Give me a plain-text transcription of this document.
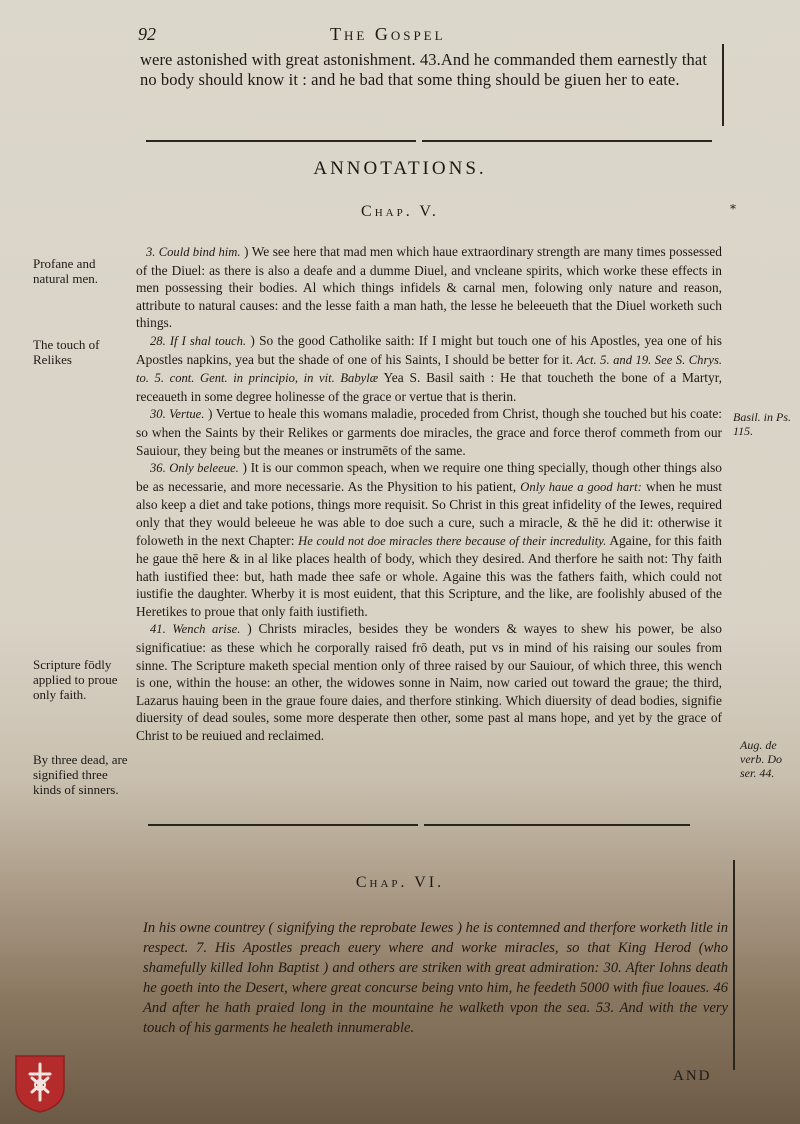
92	The Gospel
were astonished with great astonishment. 43.And he commanded them earnestly that no body should know it : and he bad that some thing should be giuen her to eate.
ANNOTATIONS.
Chap. V.	⁎
Profane and natural men.
The touch of Relikes
Scripture fōdly applied to proue only faith.
By three dead, are signified three kinds of sinners.
Basil. in Ps. 115.
Aug. de verb. Do ser. 44.

3. Could bind him. ) We see here that mad men which haue extraordinary strength are many times possessed of the Diuel: as there is also a deafe and a dumme Diuel, and vncleane spirits, which worke these effects in men possessing their bodies. Al which things infidels & carnal men, folowing only nature and reason, attribute to natural causes: and the lesse faith a man hath, the lesse he beleeueth that the Diuel worketh such things.

28. If I shal touch. ) So the good Catholike saith: If I might but touch one of his Apostles, yea one of his Apostles napkins, yea but the shade of one of his Saints, I should be better for it. Act. 5. and 19. See S. Chrys. to. 5. cont. Gent. in principio, in vit. Babylæ Yea S. Basil saith : He that toucheth the bone of a Martyr, receaueth in some degree holinesse of the grace or vertue that is therin.

30. Vertue. ) Vertue to heale this womans maladie, proceded from Christ, though she touched but his coate: so when the Saints by their Relikes or garments doe miracles, the grace and force therof commeth from our Sauiour, they being but the meanes or instrumēts of the same.

36. Only beleeue. ) It is our common speach, when we require one thing specially, though other things also be as necessarie, and more necessarie. As the Physition to his patient, Only haue a good hart: when he must also keep a diet and take potions, things more requisit. So Christ in this great infidelity of the Iewes, required only that they would beleeue he was able to doe such a cure, such a miracle, & thē he did it: otherwise it foloweth in the next Chapter: He could not doe miracles there because of their incredulity. Againe, for this faith he gaue thē here & in al like places health of body, which they desired. And therfore he saith not: Thy faith hath iustified thee: but, hath made thee safe or whole. Againe this was the fathers faith, which could not iustifie the daughter. Wherby it is most euident, that this Scripture, and the like, are foolishly abused of the Heretikes to proue that only faith iustifieth.

41. Wench arise. ) Christs miracles, besides they be wonders & wayes to shew his power, be also significatiue: as these which he corporally raised frō death, put vs in mind of his raising our soules from sinne. The Scripture maketh special mention only of three raised by our Sauiour, of which three, this wench is one, within the house: an other, the widowes sonne in Naim, now caried out toward the graue; the third, Lazarus hauing been in the graue foure daies, and therfore stinking. Which diuersity of dead bodies, signifie diuersity of dead soules, some more desperate then other, some past al mans hope, and yet by the grace of Christ to be reuiued and reclaimed.

Chap. VI.
In his owne countrey ( signifying the reprobate Iewes ) he is contemned and therfore worketh litle in respect. 7. His Apostles preach euery where and worke miracles, so that King Herod (who shamefully killed Iohn Baptist ) and others are striken with great admiration: 30. After Iohns death he goeth into the Desert, where great concurse being vnto him, he feedeth 5000 with fiue loaues. 46 And after he hath praied long in the mountaine he walketh vpon the sea. 53. And with the very touch of his garments he healeth innumerable.
AND
